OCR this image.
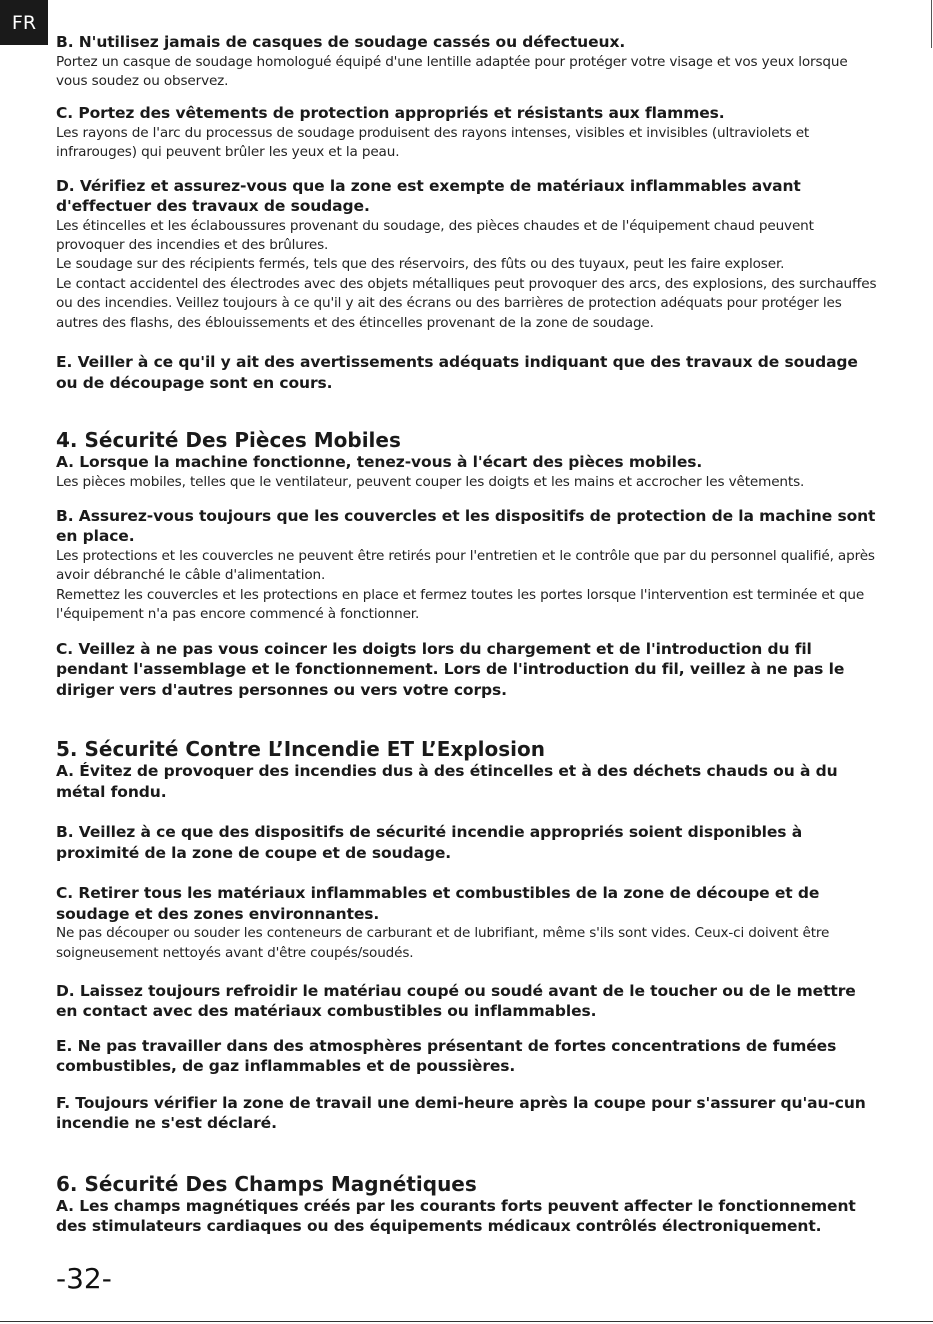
FR

B. N'utilisez jamais de casques de soudage cassés ou défectueux.

Portez un casque de soudage homologué équipé d'une lentille adaptée pour protéger votre visage et vos yeux lorsque vous soudez ou observez.

C. Portez des vêtements de protection appropriés et résistants aux flammes.

Les rayons de l'arc du processus de soudage produisent des rayons intenses, visibles et invisibles (ultraviolets et infrarouges) qui peuvent brûler les yeux et la peau.

D. Vérifiez et assurez-vous que la zone est exempte de matériaux inflammables avant d'effectuer des travaux de soudage.

Les étincelles et les éclaboussures provenant du soudage, des pièces chaudes et de l'équipement chaud peuvent provoquer des incendies et des brûlures.

Le soudage sur des récipients fermés, tels que des réservoirs, des fûts ou des tuyaux, peut les faire exploser.

Le contact accidentel des électrodes avec des objets métalliques peut provoquer des arcs, des explosions, des surchauffes ou des incendies. Veillez toujours à ce qu'il y ait des écrans ou des barrières de protection adéquats pour protéger les autres des flashs, des éblouissements et des étincelles provenant de la zone de soudage.

E. Veiller à ce qu'il y ait des avertissements adéquats indiquant que des travaux de soudage ou de découpage sont en cours.

4. Sécurité Des Pièces Mobiles

A. Lorsque la machine fonctionne, tenez-vous à l'écart des pièces mobiles.

Les pièces mobiles, telles que le ventilateur, peuvent couper les doigts et les mains et accrocher les vêtements.

B. Assurez-vous toujours que les couvercles et les dispositifs de protection de la machine sont en place.

Les protections et les couvercles ne peuvent être retirés pour l'entretien et le contrôle que par du personnel qualifié, après avoir débranché le câble d'alimentation.

Remettez les couvercles et les protections en place et fermez toutes les portes lorsque l'intervention est terminée et que l'équipement n'a pas encore commencé à fonctionner.

C. Veillez à ne pas vous coincer les doigts lors du chargement et de l'introduction du fil pendant l'assemblage et le fonctionnement. Lors de l'introduction du fil, veillez à ne pas le diriger vers d'autres personnes ou vers votre corps.

5. Sécurité Contre L’Incendie ET L’Explosion

A. Évitez de provoquer des incendies dus à des étincelles et à des déchets chauds ou à du métal fondu.

B. Veillez à ce que des dispositifs de sécurité incendie appropriés soient disponibles à proximité de la zone de coupe et de soudage.

C. Retirer tous les matériaux inflammables et combustibles de la zone de découpe et de soudage et des zones environnantes.

Ne pas découper ou souder les conteneurs de carburant et de lubrifiant, même s'ils sont vides. Ceux-ci doivent être soigneusement nettoyés avant d'être coupés/soudés.

D. Laissez toujours refroidir le matériau coupé ou soudé avant de le toucher ou de le mettre en contact avec des matériaux combustibles ou inflammables.

E. Ne pas travailler dans des atmosphères présentant de fortes concentrations de fumées combustibles, de gaz inflammables et de poussières.

F. Toujours vérifier la zone de travail une demi-heure après la coupe pour s'assurer qu'au-cun incendie ne s'est déclaré.

6. Sécurité Des Champs Magnétiques

A. Les champs magnétiques créés par les courants forts peuvent affecter le fonctionnement des stimulateurs cardiaques ou des équipements médicaux contrôlés électroniquement.

-32-
